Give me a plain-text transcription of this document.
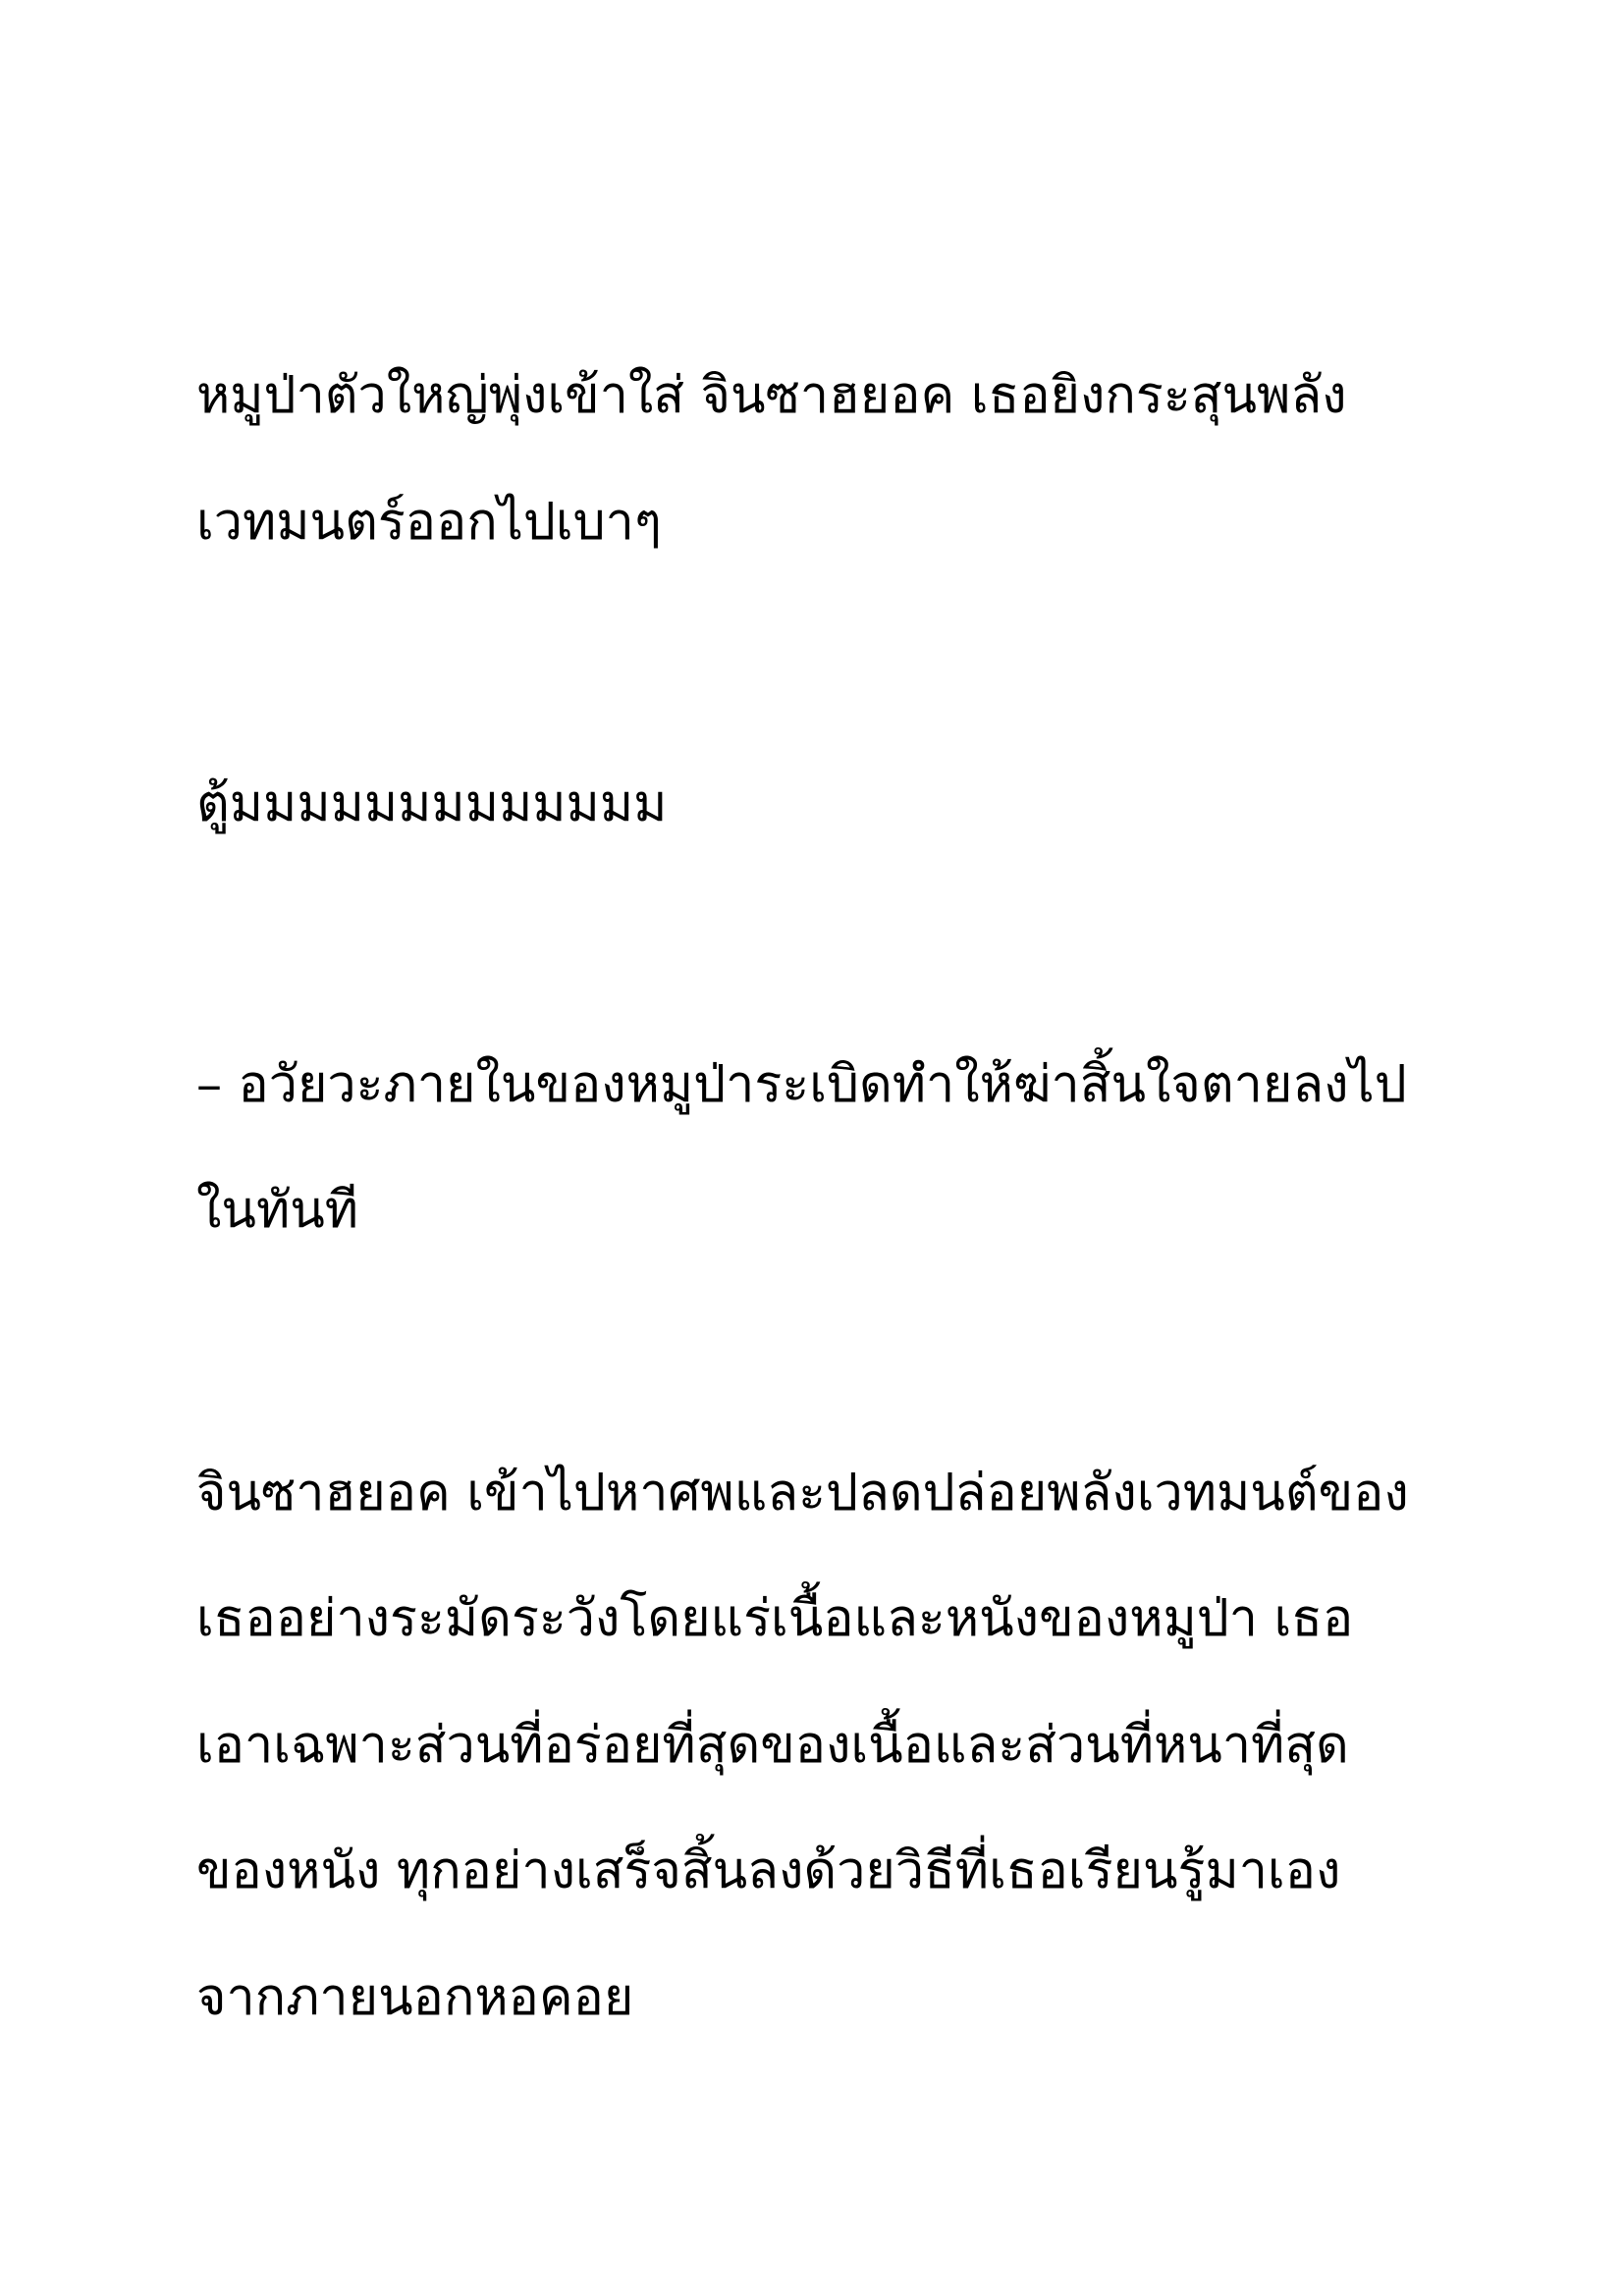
หมูป่าตัวใหญ่พุ่งเข้าใส่ จินซาฮยอค เธอยิงกระสุนพลัง

เวทมนตร์ออกไปเบาๆ

ตู้มมมมมมมมมมมมม

– อวัยวะภายในของหมูป่าระเบิดทำให้ฆ่าสิ้นใจตายลงไป

ในทันที

จินซาฮยอค เข้าไปหาศพและปลดปล่อยพลังเวทมนต์ของ

เธออย่างระมัดระวังโดยแร่เนื้อและหนังของหมูป่า เธอ

เอาเฉพาะส่วนที่อร่อยที่สุดของเนื้อและส่วนที่หนาที่สุด

ของหนัง ทุกอย่างเสร็จสิ้นลงด้วยวิธีที่เธอเรียนรู้มาเอง

จากภายนอกหอคอย
